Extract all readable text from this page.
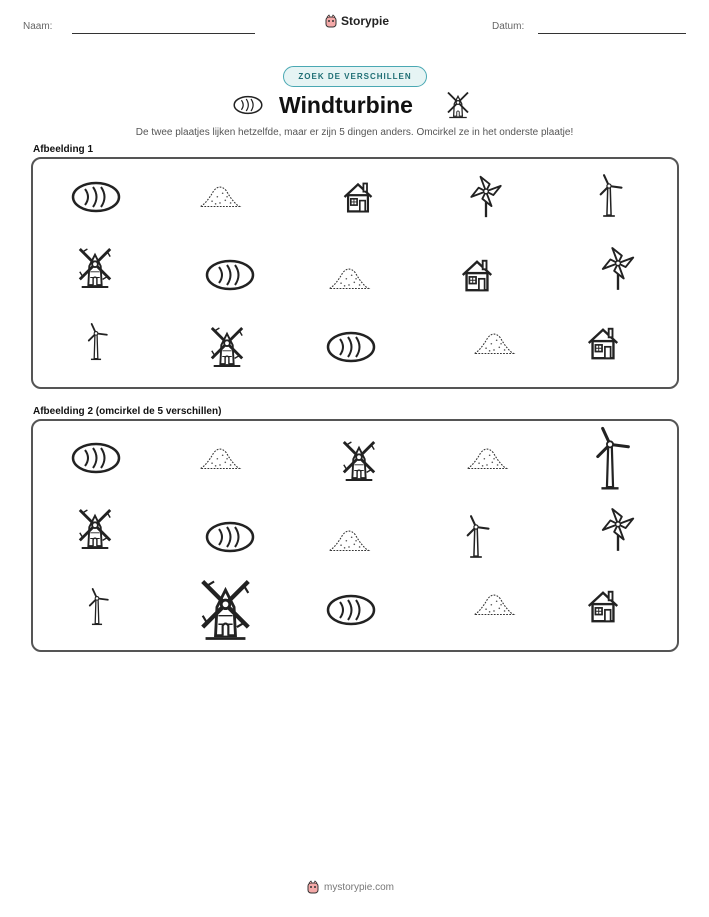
Naam:	Storypie	Datum:
ZOEK DE VERSCHILLEN
Windturbine
De twee plaatjes lijken hetzelfde, maar er zijn 5 dingen anders. Omcirkel ze in het onderste plaatje!
Afbeelding 1
Afbeelding 2 (omcirkel de 5 verschillen)
mystorypie.com
